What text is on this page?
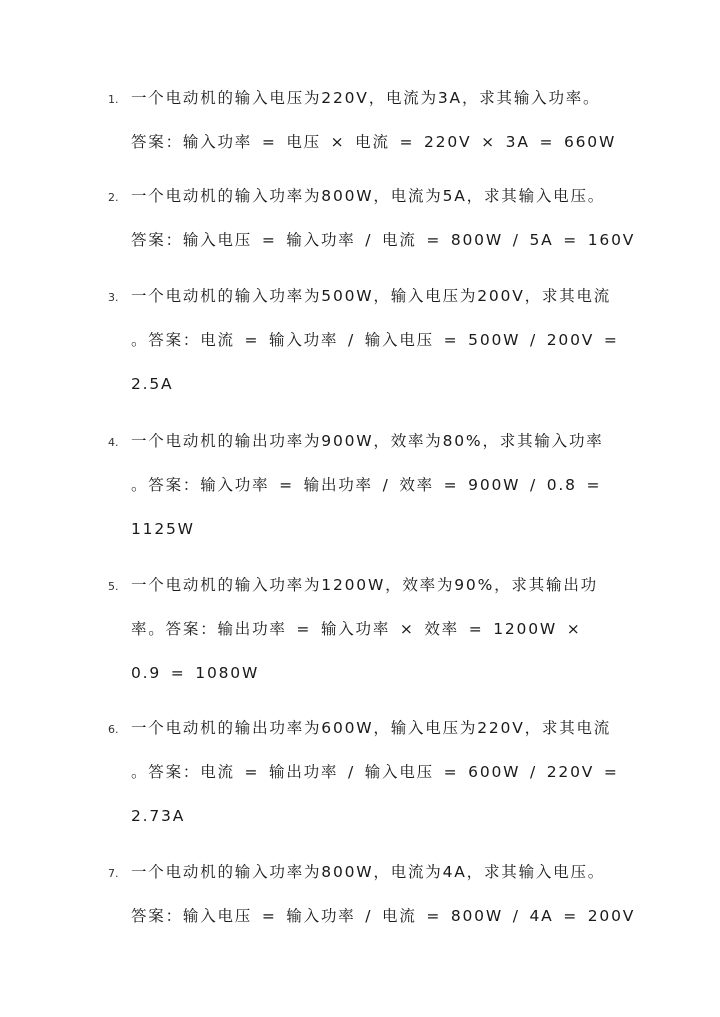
1. 一个电动机的输入电压为220V，电流为3A，求其输入功率。
答案：输入功率 = 电压 × 电流 = 220V × 3A = 660W
2. 一个电动机的输入功率为800W，电流为5A，求其输入电压。
答案：输入电压 = 输入功率 / 电流 = 800W / 5A = 160V
3. 一个电动机的输入功率为500W，输入电压为200V，求其电流
。答案：电流 = 输入功率 / 输入电压 = 500W / 200V =
2.5A
4. 一个电动机的输出功率为900W，效率为80%，求其输入功率
。答案：输入功率 = 输出功率 / 效率 = 900W / 0.8 =
1125W
5. 一个电动机的输入功率为1200W，效率为90%，求其输出功
率。答案：输出功率 = 输入功率 × 效率 = 1200W ×
0.9 = 1080W
6. 一个电动机的输出功率为600W，输入电压为220V，求其电流
。答案：电流 = 输出功率 / 输入电压 = 600W / 220V =
2.73A
7. 一个电动机的输入功率为800W，电流为4A，求其输入电压。
答案：输入电压 = 输入功率 / 电流 = 800W / 4A = 200V
